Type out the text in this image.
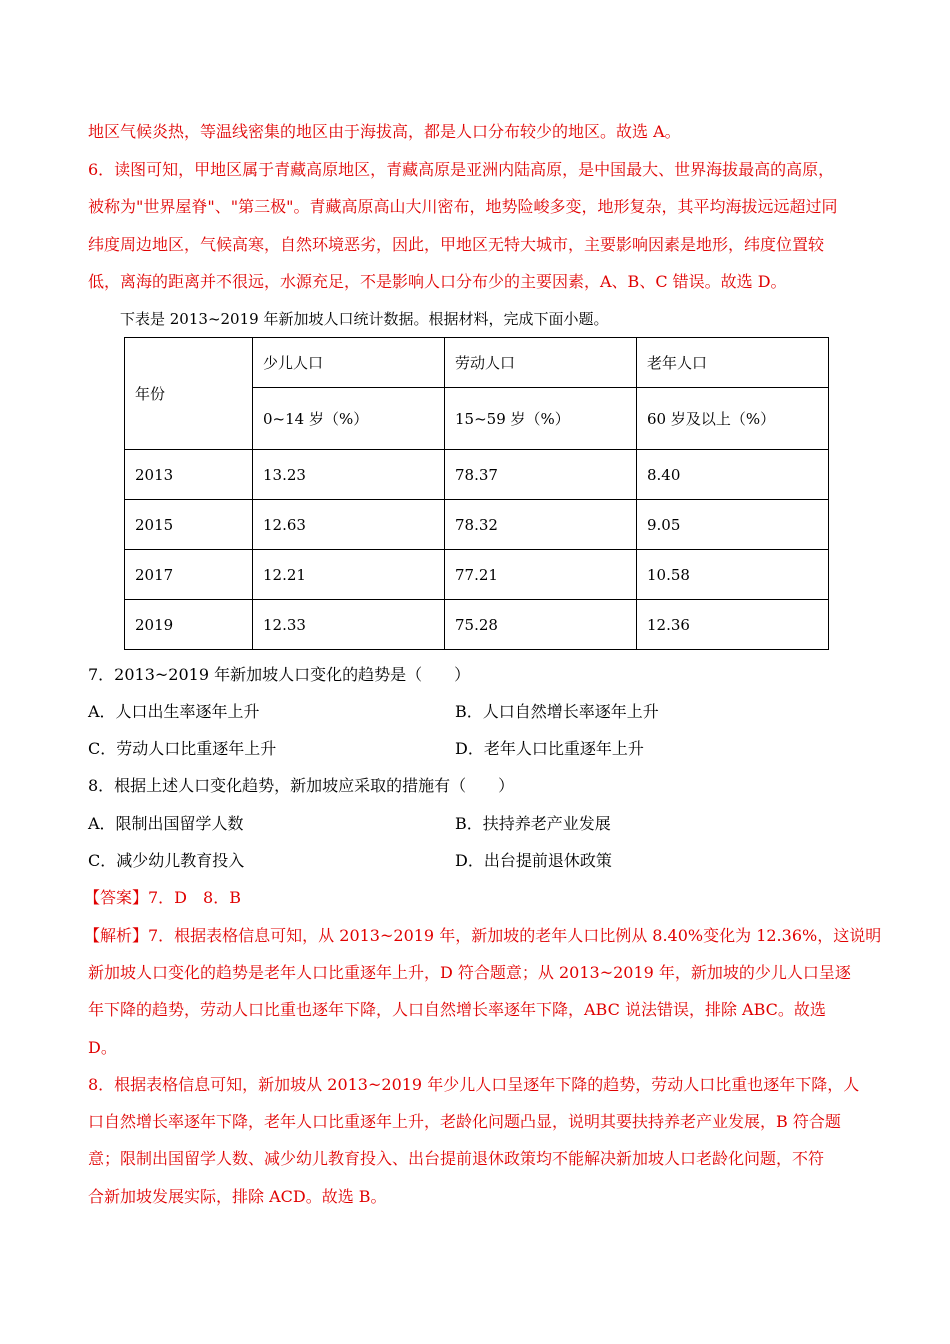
地区气候炎热，等温线密集的地区由于海拔高，都是人口分布较少的地区。故选 A。
6．读图可知，甲地区属于青藏高原地区，青藏高原是亚洲内陆高原，是中国最大、世界海拔最高的高原，
被称为"世界屋脊"、"第三极"。青藏高原高山大川密布，地势险峻多变，地形复杂，其平均海拔远远超过同
纬度周边地区，气候高寒，自然环境恶劣，因此，甲地区无特大城市，主要影响因素是地形，纬度位置较
低，离海的距离并不很远，水源充足，不是影响人口分布少的主要因素，A、B、C 错误。故选 D。
下表是 2013~2019 年新加坡人口统计数据。根据材料，完成下面小题。
年份	少儿人口	劳动人口	老年人口
	0~14 岁（%）	15~59 岁（%）	60 岁及以上（%）
2013	13.23	78.37	8.40
2015	12.63	78.32	9.05
2017	12.21	77.21	10.58
2019	12.33	75.28	12.36
7．2013~2019 年新加坡人口变化的趋势是（　　）
A．人口出生率逐年上升	B．人口自然增长率逐年上升
C．劳动人口比重逐年上升	D．老年人口比重逐年上升
8．根据上述人口变化趋势，新加坡应采取的措施有（　　）
A．限制出国留学人数	B．扶持养老产业发展
C．减少幼儿教育投入	D．出台提前退休政策
【答案】7．D　8．B
【解析】7．根据表格信息可知，从 2013~2019 年，新加坡的老年人口比例从 8.40%变化为 12.36%，这说明
新加坡人口变化的趋势是老年人口比重逐年上升，D 符合题意；从 2013~2019 年，新加坡的少儿人口呈逐
年下降的趋势，劳动人口比重也逐年下降，人口自然增长率逐年下降，ABC 说法错误，排除 ABC。故选
D。
8．根据表格信息可知，新加坡从 2013~2019 年少儿人口呈逐年下降的趋势，劳动人口比重也逐年下降，人
口自然增长率逐年下降，老年人口比重逐年上升，老龄化问题凸显，说明其要扶持养老产业发展，B 符合题
意；限制出国留学人数、减少幼儿教育投入、出台提前退休政策均不能解决新加坡人口老龄化问题，不符
合新加坡发展实际，排除 ACD。故选 B。
